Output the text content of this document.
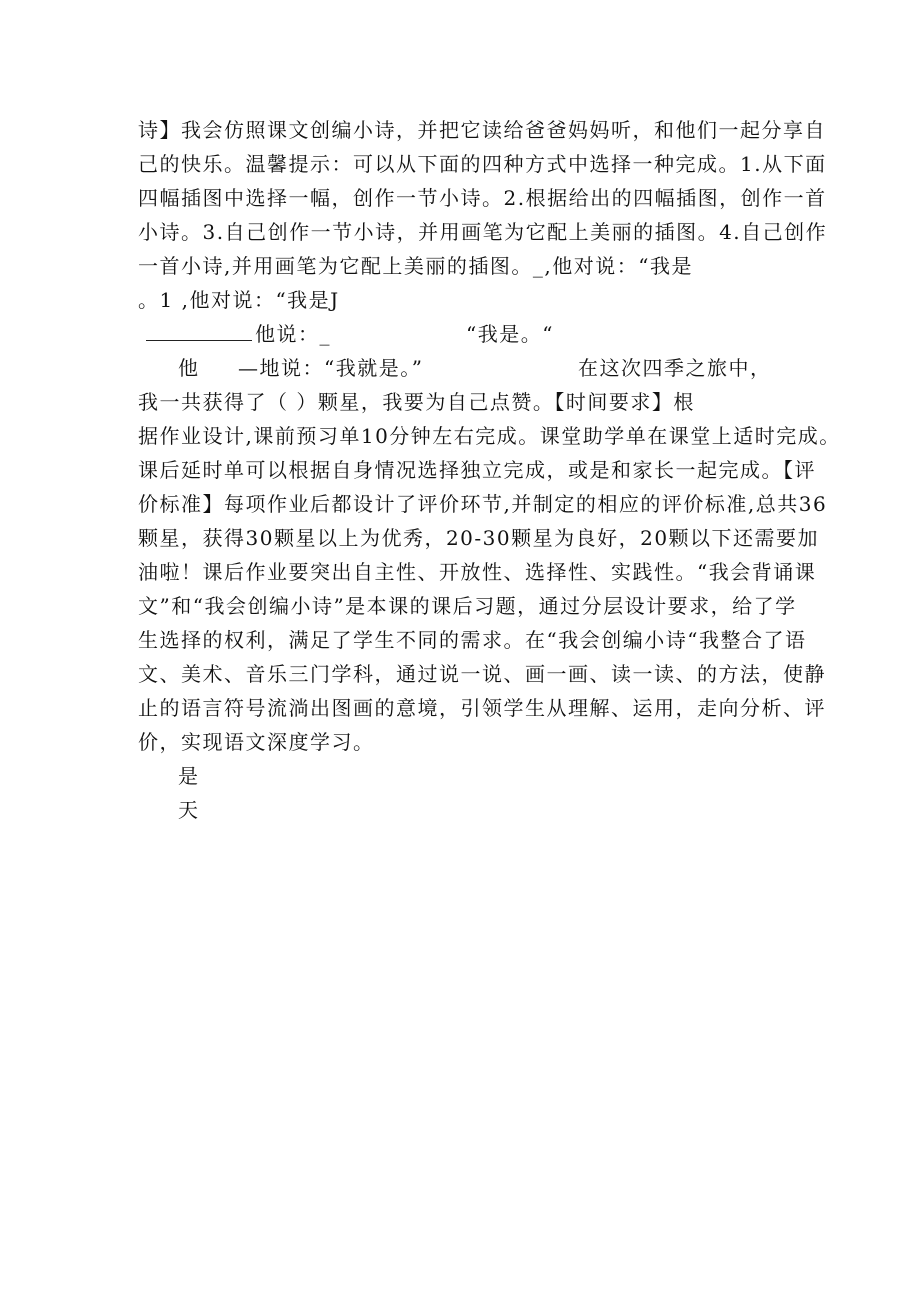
诗】我会仿照课文创编小诗，并把它读给爸爸妈妈听，和他们一起分享自
己的快乐。温馨提示：可以从下面的四种方式中选择一种完成。1.从下面
四幅插图中选择一幅，创作一节小诗。2.根据给出的四幅插图，创作一首
小诗。3.自己创作一节小诗，并用画笔为它配上美丽的插图。4.自己创作
一首小诗,并用画笔为它配上美丽的插图。_,他对说：“我是
。1 ,他对说：“我是J
他说：_	“我是。“
他 —地说：“我就是。”	在这次四季之旅中，
我一共获得了（ ）颗星，我要为自己点赞。【时间要求】根
据作业设计,课前预习单10分钟左右完成。课堂助学单在课堂上适时完成。
课后延时单可以根据自身情况选择独立完成，或是和家长一起完成。【评
价标准】每项作业后都设计了评价环节,并制定的相应的评价标准,总共36
颗星，获得30颗星以上为优秀，20-30颗星为良好，20颗以下还需要加
油啦！课后作业要突出自主性、开放性、选择性、实践性。“我会背诵课
文”和“我会创编小诗”是本课的课后习题，通过分层设计要求，给了学
生选择的权利，满足了学生不同的需求。在“我会创编小诗“我整合了语
文、美术、音乐三门学科，通过说一说、画一画、读一读、的方法，使静
止的语言符号流淌出图画的意境，引领学生从理解、运用，走向分析、评
价，实现语文深度学习。
是
天
